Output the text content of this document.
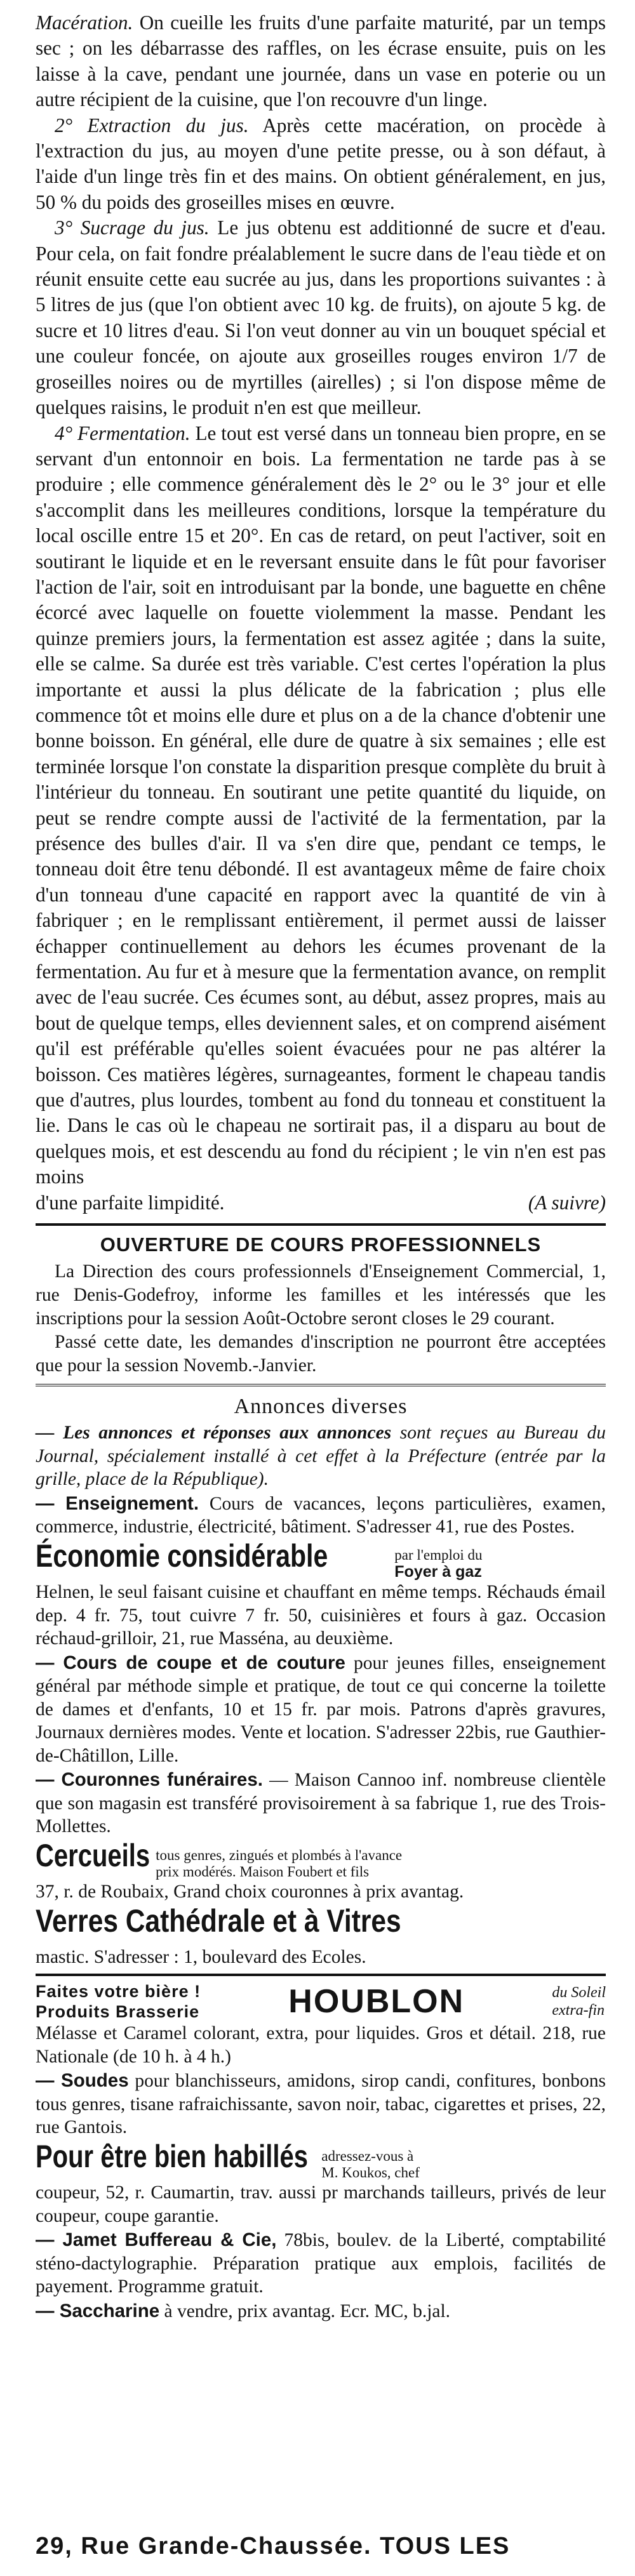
Macération. On cueille les fruits d'une parfaite maturité, par un temps sec ; on les débarrasse des raffles, on les écrase ensuite, puis on les laisse à la cave, pendant une journée, dans un vase en poterie ou un autre récipient de la cuisine, que l'on recouvre d'un linge.

2° Extraction du jus. Après cette macération, on procède à l'extraction du jus, au moyen d'une petite presse, ou à son défaut, à l'aide d'un linge très fin et des mains. On obtient généralement, en jus, 50 % du poids des groseilles mises en œuvre.

3° Sucrage du jus. Le jus obtenu est additionné de sucre et d'eau. Pour cela, on fait fondre préalablement le sucre dans de l'eau tiède et on réunit ensuite cette eau sucrée au jus, dans les proportions suivantes : à 5 litres de jus (que l'on obtient avec 10 kg. de fruits), on ajoute 5 kg. de sucre et 10 litres d'eau. Si l'on veut donner au vin un bouquet spécial et une couleur foncée, on ajoute aux groseilles rouges environ 1/7 de groseilles noires ou de myrtilles (airelles) ; si l'on dispose même de quelques raisins, le produit n'en est que meilleur.

4° Fermentation. Le tout est versé dans un tonneau bien propre, en se servant d'un entonnoir en bois. La fermentation ne tarde pas à se produire ; elle commence généralement dès le 2° ou le 3° jour et elle s'accomplit dans les meilleures conditions, lorsque la température du local oscille entre 15 et 20°. En cas de retard, on peut l'activer, soit en soutirant le liquide et en le reversant ensuite dans le fût pour favoriser l'action de l'air, soit en introduisant par la bonde, une baguette en chêne écorcé avec laquelle on fouette violemment la masse. Pendant les quinze premiers jours, la fermentation est assez agitée ; dans la suite, elle se calme. Sa durée est très variable. C'est certes l'opération la plus importante et aussi la plus délicate de la fabrication ; plus elle commence tôt et moins elle dure et plus on a de la chance d'obtenir une bonne boisson. En général, elle dure de quatre à six semaines ; elle est terminée lorsque l'on constate la disparition presque complète du bruit à l'intérieur du tonneau. En soutirant une petite quantité du liquide, on peut se rendre compte aussi de l'activité de la fermentation, par la présence des bulles d'air. Il va s'en dire que, pendant ce temps, le tonneau doit être tenu débondé. Il est avantageux même de faire choix d'un tonneau d'une capacité en rapport avec la quantité de vin à fabriquer ; en le remplissant entièrement, il permet aussi de laisser échapper continuellement au dehors les écumes provenant de la fermentation. Au fur et à mesure que la fermentation avance, on remplit avec de l'eau sucrée. Ces écumes sont, au début, assez propres, mais au bout de quelque temps, elles deviennent sales, et on comprend aisément qu'il est préférable qu'elles soient évacuées pour ne pas altérer la boisson. Ces matières légères, surnageantes, forment le chapeau tandis que d'autres, plus lourdes, tombent au fond du tonneau et constituent la lie. Dans le cas où le chapeau ne sortirait pas, il a disparu au bout de quelques mois, et est descendu au fond du récipient ; le vin n'en est pas moins

d'une parfaite limpidité.	(A suivre)
OUVERTURE DE COURS PROFESSIONNELS

La Direction des cours professionnels d'Enseignement Commercial, 1, rue Denis-Godefroy, informe les familles et les intéressés que les inscriptions pour la session Août-Octobre seront closes le 29 courant.

Passé cette date, les demandes d'inscription ne pourront être acceptées que pour la session Novemb.-Janvier.

Annonces diverses

— Les annonces et réponses aux annonces sont reçues au Bureau du Journal, spécialement installé à cet effet à la Préfecture (entrée par la grille, place de la République).

— Enseignement. Cours de vacances, leçons particulières, examen, commerce, industrie, électricité, bâtiment. S'adresser 41, rue des Postes.

Économie considérable	par l'emploi du
Foyer à gaz

Helnen, le seul faisant cuisine et chauffant en même temps. Réchauds émail dep. 4 fr. 75, tout cuivre 7 fr. 50, cuisinières et fours à gaz. Occasion réchaud-grilloir, 21, rue Masséna, au deuxième.

— Cours de coupe et de couture pour jeunes filles, enseignement général par méthode simple et pratique, de tout ce qui concerne la toilette de dames et d'enfants, 10 et 15 fr. par mois. Patrons d'après gravures, Journaux dernières modes. Vente et location. S'adresser 22bis, rue Gauthier-de-Châtillon, Lille.

— Couronnes funéraires. — Maison Cannoo inf. nombreuse clientèle que son magasin est transféré provisoirement à sa fabrique 1, rue des Trois-Mollettes.

Cercueils tous genres, zingués et plombés à l'avance
prix modérés. Maison Foubert et fils

37, r. de Roubaix, Grand choix couronnes à prix avantag.

Verres Cathédrale et à Vitres

mastic. S'adresser : 1, boulevard des Ecoles.

Faites votre bière !
Produits Brasserie	HOUBLON	du Soleil
extra-fin

Mélasse et Caramel colorant, extra, pour liquides. Gros et détail. 218, rue Nationale (de 10 h. à 4 h.)

— Soudes pour blanchisseurs, amidons, sirop candi, confitures, bonbons tous genres, tisane rafraichissante, savon noir, tabac, cigarettes et prises, 22, rue Gantois.

Pour être bien habillés adressez-vous à
M. Koukos, chef

coupeur, 52, r. Caumartin, trav. aussi pr marchands tailleurs, privés de leur coupeur, coupe garantie.

— Jamet Buffereau & Cie, 78bis, boulev. de la Liberté, comptabilité sténo-dactylographie. Préparation pratique aux emplois, facilités de payement. Programme gratuit.

— Saccharine à vendre, prix avantag. Ecr. MC, b.jal.

29, Rue Grande-Chaussée. TOUS LES
